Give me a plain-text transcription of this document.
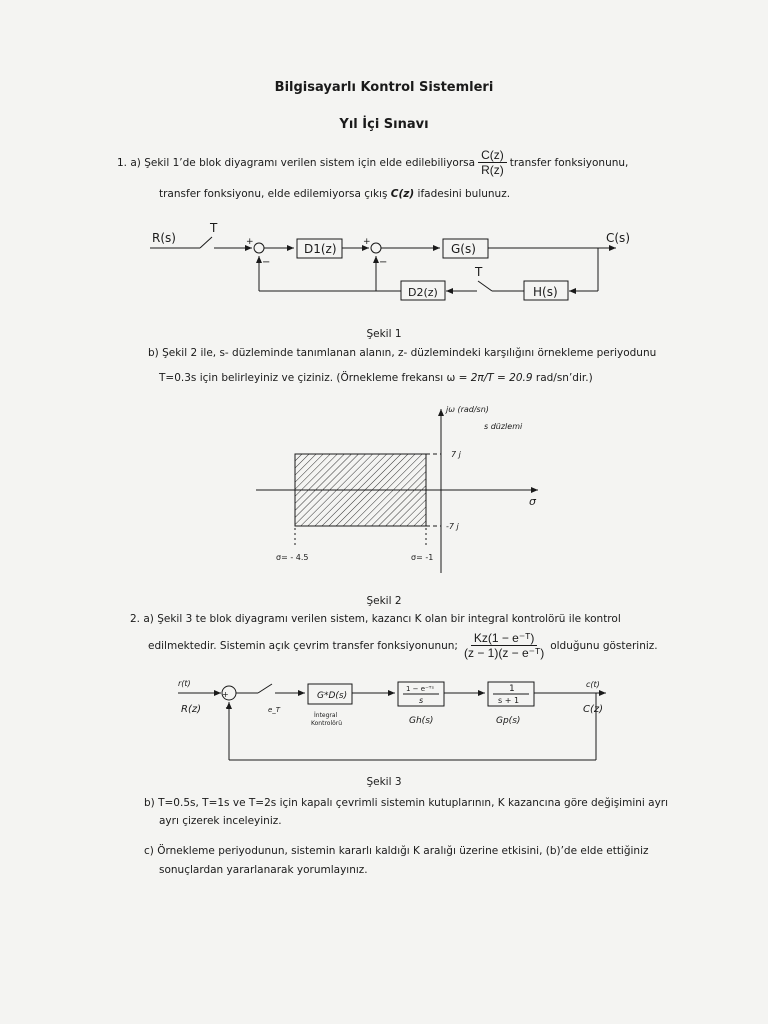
Bilgisayarlı Kontrol Sistemleri
Yıl İçi Sınavı
1. a) Şekil 1’de blok diyagramı verilen sistem için elde edilebiliyorsa $\frac{C(z)}{R(z)}$ transfer fonksiyonunu,
transfer fonksiyonu, elde edilemiyorsa çıkış C(z) ifadesini bulunuz.
R(s)
T
+
−
+
−
D1(z)	G(s)
C(s)
T
D2(z)	H(s)
Şekil 1
b) Şekil 2 ile, s- düzleminde tanımlanan alanın, z- düzlemindeki karşılığını örnekleme periyodunu
T=0.3s için belirleyiniz ve çiziniz. (Örnekleme frekansı ω = 2π/T = 20.9 rad/sn’dir.)
jω (rad/sn)
s düzlemi
7 j
-7 j
σ
σ= - 4.5	σ= -1
Şekil 2
2. a) Şekil 3 te blok diyagramı verilen sistem, kazancı K olan bir integral kontrolörü ile kontrol
edilmektedir. Sistemin açık çevrim transfer fonksiyonunun; $\frac{\text{Kz(1 − e⁻ᵀ)}}{\text{(z − 1)(z − e⁻ᵀ)}}$ olduğunu gösteriniz.
r(t)
R(z)
+
−	e_T
G*D(s)
İntegral
Kontrolörü
1 − e⁻ᵀˢ
s
Gh(s)
1
s + 1
Gp(s)
c(t)
C(z)
Şekil 3
b) T=0.5s, T=1s ve T=2s için kapalı çevrimli sistemin kutuplarının, K kazancına göre değişimini ayrı
ayrı çizerek inceleyiniz.
c) Örnekleme periyodunun, sistemin kararlı kaldığı K aralığı üzerine etkisini, (b)’de elde ettiğiniz
sonuçlardan yararlanarak yorumlayınız.
